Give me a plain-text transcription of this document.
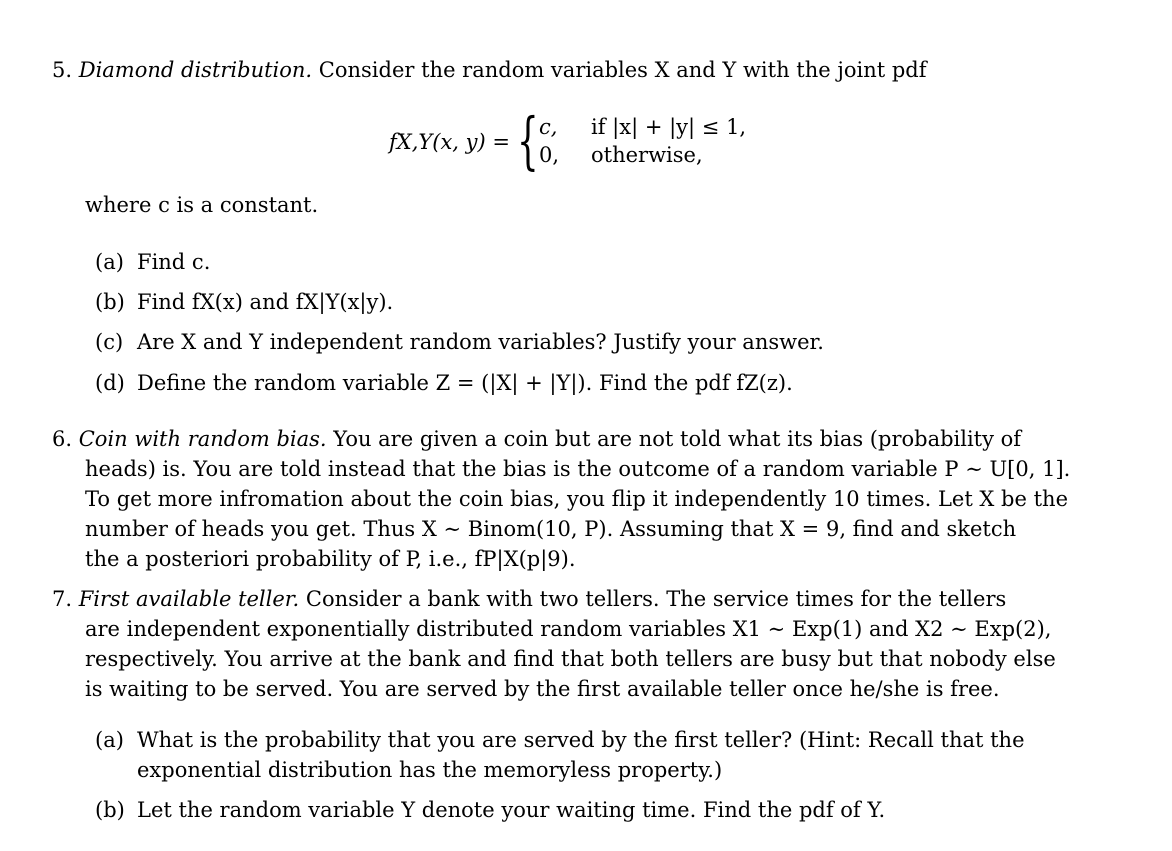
5. Diamond distribution. Consider the random variables X and Y with the joint pdf
fX,Y(x, y) = { c, if |x| + |y| ≤ 1,
0, otherwise,
where c is a constant.
(a) Find c.
(b) Find fX(x) and fX|Y(x|y).
(c) Are X and Y independent random variables? Justify your answer.
(d) Define the random variable Z = (|X| + |Y|). Find the pdf fZ(z).
6. Coin with random bias. You are given a coin but are not told what its bias (probability of
heads) is. You are told instead that the bias is the outcome of a random variable P ∼ U[0, 1].
To get more infromation about the coin bias, you flip it independently 10 times. Let X be the
number of heads you get. Thus X ∼ Binom(10, P). Assuming that X = 9, find and sketch
the a posteriori probability of P, i.e., fP|X(p|9).
7. First available teller. Consider a bank with two tellers. The service times for the tellers
are independent exponentially distributed random variables X1 ∼ Exp(1) and X2 ∼ Exp(2),
respectively. You arrive at the bank and find that both tellers are busy but that nobody else
is waiting to be served. You are served by the first available teller once he/she is free.
(a) What is the probability that you are served by the first teller? (Hint: Recall that the
exponential distribution has the memoryless property.)
(b) Let the random variable Y denote your waiting time. Find the pdf of Y.
